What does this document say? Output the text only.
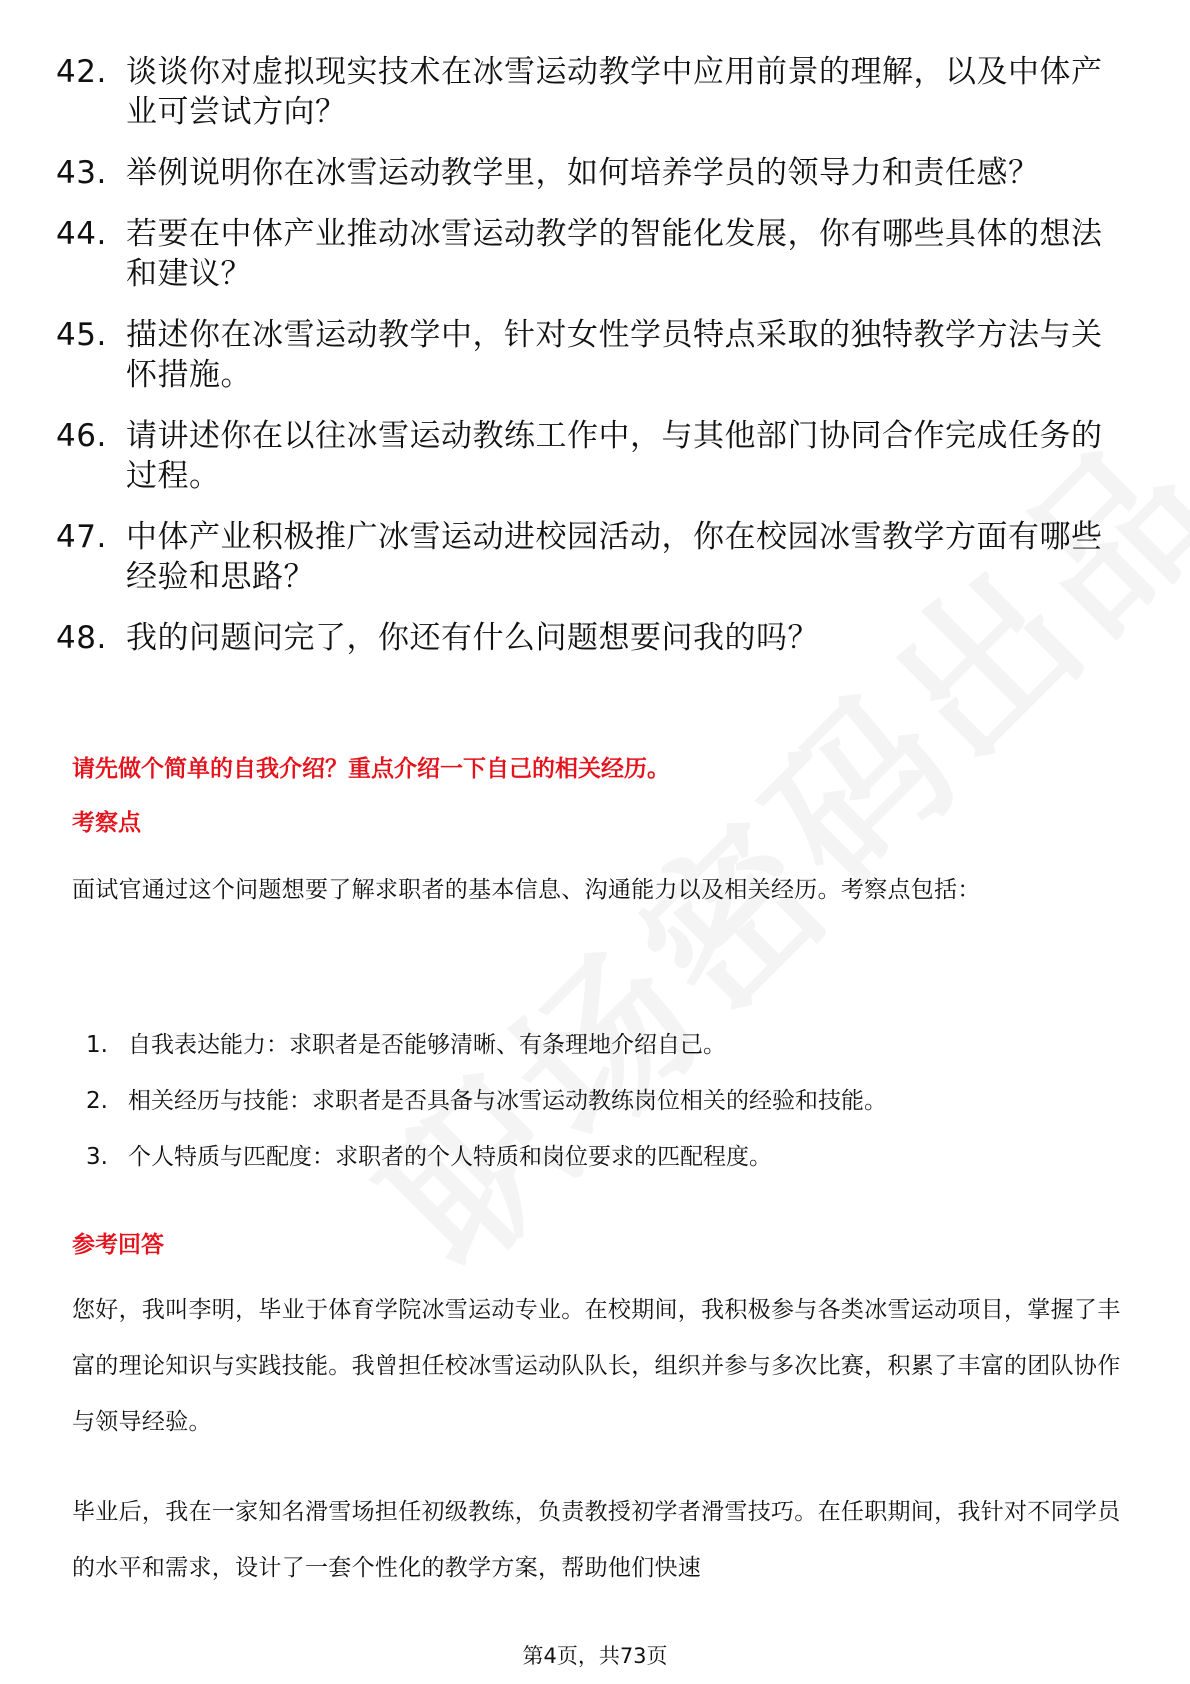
42. 谈谈你对虚拟现实技术在冰雪运动教学中应用前景的理解，以及中体产业可尝试方向？
43. 举例说明你在冰雪运动教学里，如何培养学员的领导力和责任感？
44. 若要在中体产业推动冰雪运动教学的智能化发展，你有哪些具体的想法和建议？
45. 描述你在冰雪运动教学中，针对女性学员特点采取的独特教学方法与关怀措施。
46. 请讲述你在以往冰雪运动教练工作中，与其他部门协同合作完成任务的过程。
47. 中体产业积极推广冰雪运动进校园活动，你在校园冰雪教学方面有哪些经验和思路？
48. 我的问题问完了，你还有什么问题想要问我的吗？
请先做个简单的自我介绍？重点介绍一下自己的相关经历。
考察点
面试官通过这个问题想要了解求职者的基本信息、沟通能力以及相关经历。考察点包括：
1. 自我表达能力：求职者是否能够清晰、有条理地介绍自己。
2. 相关经历与技能：求职者是否具备与冰雪运动教练岗位相关的经验和技能。
3. 个人特质与匹配度：求职者的个人特质和岗位要求的匹配程度。
参考回答
您好，我叫李明，毕业于体育学院冰雪运动专业。在校期间，我积极参与各类冰雪运动项目，掌握了丰富的理论知识与实践技能。我曾担任校冰雪运动队队长，组织并参与多次比赛，积累了丰富的团队协作与领导经验。
毕业后，我在一家知名滑雪场担任初级教练，负责教授初学者滑雪技巧。在任职期间，我针对不同学员的水平和需求，设计了一套个性化的教学方案，帮助他们快速
第4页，共73页
